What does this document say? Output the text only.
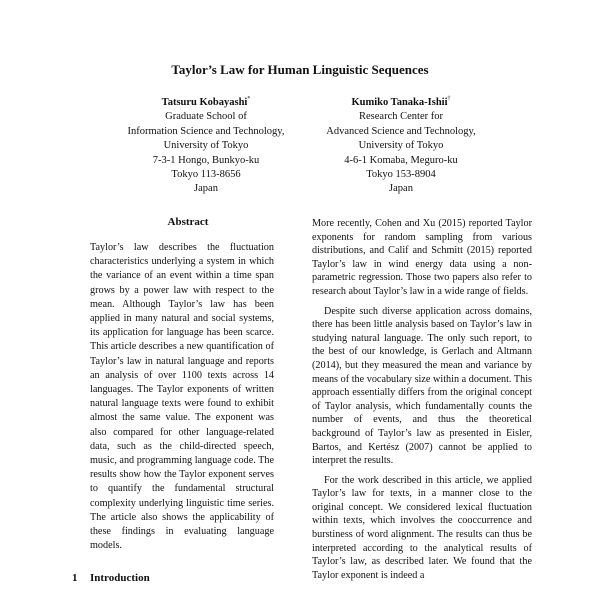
Taylor’s Law for Human Linguistic Sequences
Tatsuru Kobayashi*
Graduate School of
Information Science and Technology,
University of Tokyo
7-3-1 Hongo, Bunkyo-ku
Tokyo 113-8656
Japan
Kumiko Tanaka-Ishii†
Research Center for
Advanced Science and Technology,
University of Tokyo
4-6-1 Komaba, Meguro-ku
Tokyo 153-8904
Japan
Abstract

Taylor’s law describes the fluctuation characteristics underlying a system in which the variance of an event within a time span grows by a power law with respect to the mean. Although Taylor’s law has been applied in many natural and social systems, its application for language has been scarce. This article describes a new quantification of Taylor’s law in natural language and reports an analysis of over 1100 texts across 14 languages. The Taylor exponents of written natural language texts were found to exhibit almost the same value. The exponent was also compared for other language-related data, such as the child-directed speech, music, and programming language code. The results show how the Taylor exponent serves to quantify the fundamental structural complexity underlying linguistic time series. The article also shows the applicability of these findings in evaluating language models.

1 Introduction

More recently, Cohen and Xu (2015) reported Taylor exponents for random sampling from various distributions, and Calif and Schmitt (2015) reported Taylor’s law in wind energy data using a non-parametric regression. Those two papers also refer to research about Taylor’s law in a wide range of fields.

Despite such diverse application across domains, there has been little analysis based on Taylor’s law in studying natural language. The only such report, to the best of our knowledge, is Gerlach and Altmann (2014), but they measured the mean and variance by means of the vocabulary size within a document. This approach essentially differs from the original concept of Taylor analysis, which fundamentally counts the number of events, and thus the theoretical background of Taylor’s law as presented in Eisler, Bartos, and Kertész (2007) cannot be applied to interpret the results.

For the work described in this article, we applied Taylor’s law for texts, in a manner close to the original concept. We considered lexical fluctuation within texts, which involves the cooccurrence and burstiness of word alignment. The results can thus be interpreted according to the analytical results of Taylor’s law, as described later. We found that the Taylor exponent is indeed a
